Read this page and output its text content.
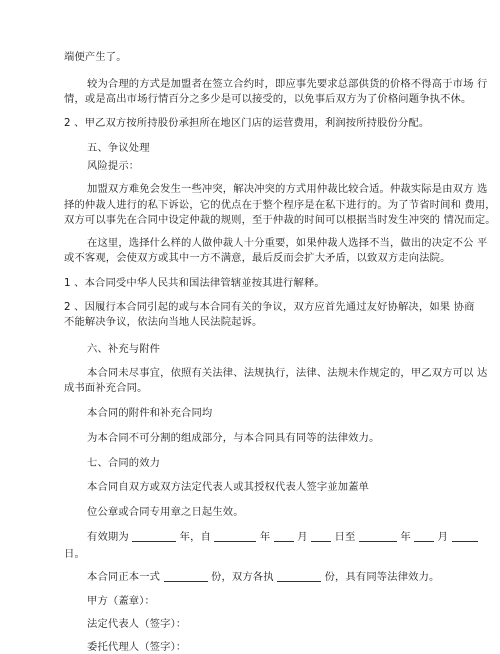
端便产生了。
较为合理的方式是加盟者在签立合约时，即应事先要求总部供货的价格不得高于市场 行
情，或是高出市场行情百分之多少是可以接受的，以免事后双方为了价格问题争执不休。
2 、甲乙双方按所持股份承担所在地区门店的运营费用，利润按所持股份分配。
五、争议处理
风险提示：
加盟双方难免会发生一些冲突，解决冲突的方式用仲裁比较合适。仲裁实际是由双方 选
择的仲裁人进行的私下诉讼，它的优点在于整个程序是在私下进行的。为了节省时间和 费用，
双方可以事先在合同中设定仲裁的规则，至于仲裁的时间可以根据当时发生冲突的 情况而定。
在这里，选择什么样的人做仲裁人十分重要，如果仲裁人选择不当，做出的决定不公 平
或不客观，会使双方或其中一方不满意，最后反而会扩大矛盾，以致双方走向法院。
1 、本合同受中华人民共和国法律管辖並按其进行解释。
2 、因履行本合同引起的或与本合同有关的争议，双方应首先通过友好协解决，如果 协商
不能解决争议，依法向当地人民法院起诉。
六、补充与附件
本合同未尽事宜，依照有关法律、法规执行，法律、法规未作规定的，甲乙双方可以 达
成书面补充合同。
本合同的附件和补充合同均
为本合同不可分割的组成部分，与本合同具有同等的法律效力。
七、合同的效力
本合同自双方或双方法定代表人或其授权代表人签字並加蓋单
位公章或合同专用章之日起生效。
有效期为	年，自	年	月	日至	年	月
日。
本合同正本一式	份，双方各执	份，具有同等法律效力。
甲方（蓋章）：
法定代表人（签字）：
委托代理人（签字）：
